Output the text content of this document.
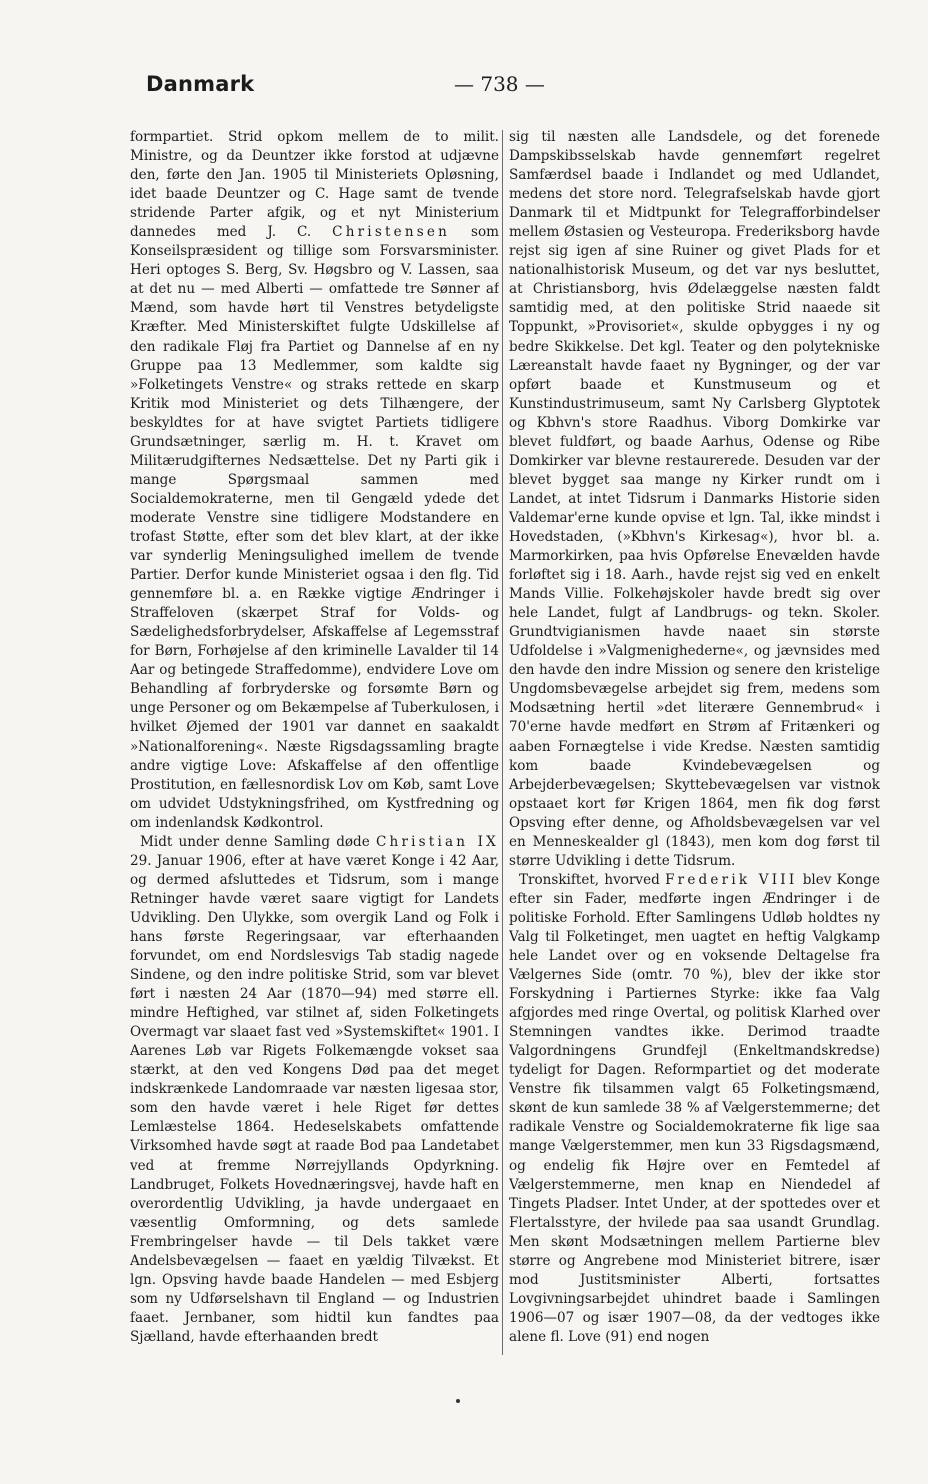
Danmark	— 738 —

formpartiet. Strid opkom mellem de to milit. Ministre, og da Deuntzer ikke forstod at udjævne den, førte den Jan. 1905 til Ministeriets Opløsning, idet baade Deuntzer og C. Hage samt de tvende stridende Parter afgik, og et nyt Ministerium dannedes med J. C. Christensen som Konseilspræsident og tillige som Forsvarsminister. Heri optoges S. Berg, Sv. Høgsbro og V. Lassen, saa at det nu — med Alberti — omfattede tre Sønner af Mænd, som havde hørt til Venstres betydeligste Kræfter. Med Ministerskiftet fulgte Udskillelse af den radikale Fløj fra Partiet og Dannelse af en ny Gruppe paa 13 Medlemmer, som kaldte sig »Folketingets Venstre« og straks rettede en skarp Kritik mod Ministeriet og dets Tilhængere, der beskyldtes for at have svigtet Partiets tidligere Grundsætninger, særlig m. H. t. Kravet om Militærudgifternes Nedsættelse. Det ny Parti gik i mange Spørgsmaal sammen med Socialdemokraterne, men til Gengæld ydede det moderate Venstre sine tidligere Modstandere en trofast Støtte, efter som det blev klart, at der ikke var synderlig Meningsulighed imellem de tvende Partier. Derfor kunde Ministeriet ogsaa i den flg. Tid gennemføre bl. a. en Række vigtige Ændringer i Straffeloven (skærpet Straf for Volds- og Sædelighedsforbrydelser, Afskaffelse af Legemsstraf for Børn, Forhøjelse af den kriminelle Lavalder til 14 Aar og betingede Straffedomme), endvidere Love om Behandling af forbryderske og forsømte Børn og unge Personer og om Bekæmpelse af Tuberkulosen, i hvilket Øjemed der 1901 var dannet en saakaldt »Nationalforening«. Næste Rigsdagssamling bragte andre vigtige Love: Afskaffelse af den offentlige Prostitution, en fællesnordisk Lov om Køb, samt Love om udvidet Udstykningsfrihed, om Kystfredning og om indenlandsk Kødkontrol.

Midt under denne Samling døde Christian IX 29. Januar 1906, efter at have været Konge i 42 Aar, og dermed afsluttedes et Tidsrum, som i mange Retninger havde været saare vigtigt for Landets Udvikling. Den Ulykke, som overgik Land og Folk i hans første Regeringsaar, var efterhaanden forvundet, om end Nordslesvigs Tab stadig nagede Sindene, og den indre politiske Strid, som var blevet ført i næsten 24 Aar (1870—94) med større ell. mindre Heftighed, var stilnet af, siden Folketingets Overmagt var slaaet fast ved »Systemskiftet« 1901. I Aarenes Løb var Rigets Folkemængde vokset saa stærkt, at den ved Kongens Død paa det meget indskrænkede Landomraade var næsten ligesaa stor, som den havde været i hele Riget før dettes Lemlæstelse 1864. Hedeselskabets omfattende Virksomhed havde søgt at raade Bod paa Landetabet ved at fremme Nørrejyllands Opdyrkning. Landbruget, Folkets Hovednæringsvej, havde haft en overordentlig Udvikling, ja havde undergaaet en væsentlig Omformning, og dets samlede Frembringelser havde — til Dels takket være Andelsbevægelsen — faaet en yældig Tilvækst. Et lgn. Opsving havde baade Handelen — med Esbjerg som ny Udførselshavn til England — og Industrien faaet. Jernbaner, som hidtil kun fandtes paa Sjælland, havde efterhaanden bredt

sig til næsten alle Landsdele, og det forenede Dampskibsselskab havde gennemført regelret Samfærdsel baade i Indlandet og med Udlandet, medens det store nord. Telegrafselskab havde gjort Danmark til et Midtpunkt for Telegrafforbindelser mellem Østasien og Vesteuropa. Frederiksborg havde rejst sig igen af sine Ruiner og givet Plads for et nationalhistorisk Museum, og det var nys besluttet, at Christiansborg, hvis Ødelæggelse næsten faldt samtidig med, at den politiske Strid naaede sit Toppunkt, »Provisoriet«, skulde opbygges i ny og bedre Skikkelse. Det kgl. Teater og den polytekniske Læreanstalt havde faaet ny Bygninger, og der var opført baade et Kunstmuseum og et Kunstindustrimuseum, samt Ny Carlsberg Glyptotek og Kbhvn's store Raadhus. Viborg Domkirke var blevet fuldført, og baade Aarhus, Odense og Ribe Domkirker var blevne restaurerede. Desuden var der blevet bygget saa mange ny Kirker rundt om i Landet, at intet Tidsrum i Danmarks Historie siden Valdemar'erne kunde opvise et lgn. Tal, ikke mindst i Hovedstaden, (»Kbhvn's Kirkesag«), hvor bl. a. Marmorkirken, paa hvis Opførelse Enevælden havde forløftet sig i 18. Aarh., havde rejst sig ved en enkelt Mands Villie. Folkehøjskoler havde bredt sig over hele Landet, fulgt af Landbrugs- og tekn. Skoler. Grundtvigianismen havde naaet sin største Udfoldelse i »Valgmenighederne«, og jævnsides med den havde den indre Mission og senere den kristelige Ungdomsbevægelse arbejdet sig frem, medens som Modsætning hertil »det literære Gennembrud« i 70'erne havde medført en Strøm af Fritænkeri og aaben Fornægtelse i vide Kredse. Næsten samtidig kom baade Kvindebevægelsen og Arbejderbevægelsen; Skyttebevægelsen var vistnok opstaaet kort før Krigen 1864, men fik dog først Opsving efter denne, og Afholdsbevægelsen var vel en Menneskealder gl (1843), men kom dog først til større Udvikling i dette Tidsrum.

Tronskiftet, hvorved Frederik VIII blev Konge efter sin Fader, medførte ingen Ændringer i de politiske Forhold. Efter Samlingens Udløb holdtes ny Valg til Folketinget, men uagtet en heftig Valgkamp hele Landet over og en voksende Deltagelse fra Vælgernes Side (omtr. 70 %), blev der ikke stor Forskydning i Partiernes Styrke: ikke faa Valg afgjordes med ringe Overtal, og politisk Klarhed over Stemningen vandtes ikke. Derimod traadte Valgordningens Grundfejl (Enkeltmandskredse) tydeligt for Dagen. Reformpartiet og det moderate Venstre fik tilsammen valgt 65 Folketingsmænd, skønt de kun samlede 38 % af Vælgerstemmerne; det radikale Venstre og Socialdemokraterne fik lige saa mange Vælgerstemmer, men kun 33 Rigsdagsmænd, og endelig fik Højre over en Femtedel af Vælgerstemmerne, men knap en Niendedel af Tingets Pladser. Intet Under, at der spottedes over et Flertalsstyre, der hvilede paa saa usandt Grundlag. Men skønt Modsætningen mellem Partierne blev større og Angrebene mod Ministeriet bitrere, især mod Justitsminister Alberti, fortsattes Lovgivningsarbejdet uhindret baade i Samlingen 1906—07 og især 1907—08, da der vedtoges ikke alene fl. Love (91) end nogen
